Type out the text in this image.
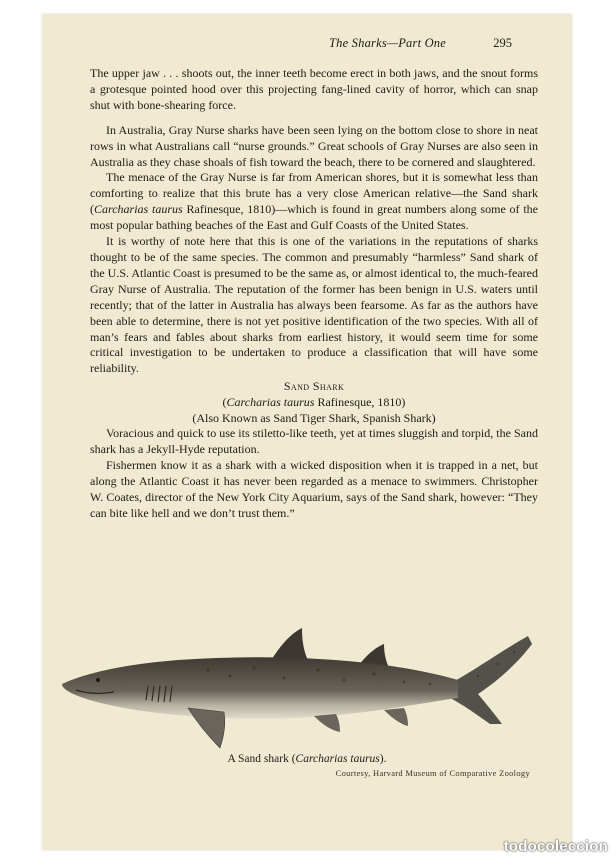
The Sharks—Part One	295

The upper jaw . . . shoots out, the inner teeth become erect in both jaws, and the snout forms a grotesque pointed hood over this projecting fang-lined cavity of horror, which can snap shut with bone-shearing force.

In Australia, Gray Nurse sharks have been seen lying on the bottom close to shore in neat rows in what Australians call “nurse grounds.” Great schools of Gray Nurses are also seen in Australia as they chase shoals of fish toward the beach, there to be cornered and slaughtered.

The menace of the Gray Nurse is far from American shores, but it is somewhat less than comforting to realize that this brute has a very close American relative—the Sand shark (Carcharias taurus Rafinesque, 1810)—which is found in great numbers along some of the most popular bathing beaches of the East and Gulf Coasts of the United States.

It is worthy of note here that this is one of the variations in the reputations of sharks thought to be of the same species. The common and presumably “harmless” Sand shark of the U.S. Atlantic Coast is presumed to be the same as, or almost identical to, the much-feared Gray Nurse of Australia. The reputation of the former has been benign in U.S. waters until recently; that of the latter in Australia has always been fearsome. As far as the authors have been able to determine, there is not yet positive identification of the two species. With all of man’s fears and fables about sharks from earliest history, it would seem time for some critical investigation to be undertaken to produce a classification that will have some reliability.

Sand Shark
(Carcharias taurus Rafinesque, 1810)
(Also Known as Sand Tiger Shark, Spanish Shark)

Voracious and quick to use its stiletto-like teeth, yet at times sluggish and torpid, the Sand shark has a Jekyll-Hyde reputation.

Fishermen know it as a shark with a wicked disposition when it is trapped in a net, but along the Atlantic Coast it has never been regarded as a menace to swimmers. Christopher W. Coates, director of the New York City Aquarium, says of the Sand shark, however: “They can bite like hell and we don’t trust them.”

A Sand shark (Carcharias taurus).
Courtesy, Harvard Museum of Comparative Zoology
todocoleccion
